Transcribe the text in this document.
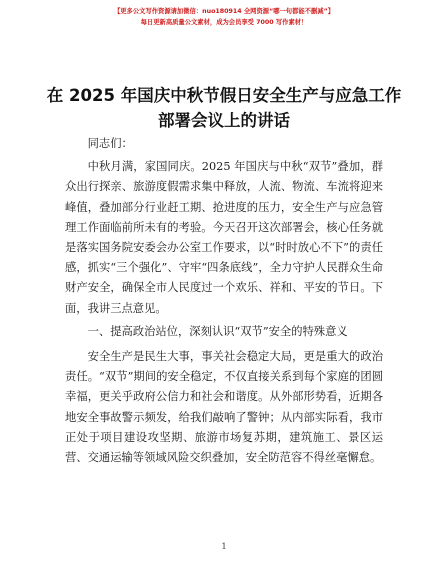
【更多公文写作资源请加微信：nuo180914 全网资源“哪一句都能不删减”】
每日更新高质量公文素材，成为会员享受 7000 写作素材！
在 2025 年国庆中秋节假日安全生产与应急工作
部署会议上的讲话

同志们：

中秋月满，家国同庆。2025 年国庆与中秋“双节”叠加，群众出行探亲、旅游度假需求集中释放，人流、物流、车流将迎来峰值，叠加部分行业赶工期、抢进度的压力，安全生产与应急管理工作面临前所未有的考验。今天召开这次部署会，核心任务就是落实国务院安委会办公室工作要求，以“时时放心不下”的责任感，抓实“三个强化”、守牢“四条底线”，全力守护人民群众生命财产安全，确保全市人民度过一个欢乐、祥和、平安的节日。下面，我讲三点意见。

一、提高政治站位，深刻认识“双节”安全的特殊意义

安全生产是民生大事，事关社会稳定大局，更是重大的政治责任。“双节”期间的安全稳定，不仅直接关系到每个家庭的团圆幸福，更关乎政府公信力和社会和谐度。从外部形势看，近期各地安全事故警示频发，给我们敲响了警钟；从内部实际看，我市正处于项目建设攻坚期、旅游市场复苏期，建筑施工、景区运营、交通运输等领域风险交织叠加，安全防范容不得丝毫懈怠。

1
